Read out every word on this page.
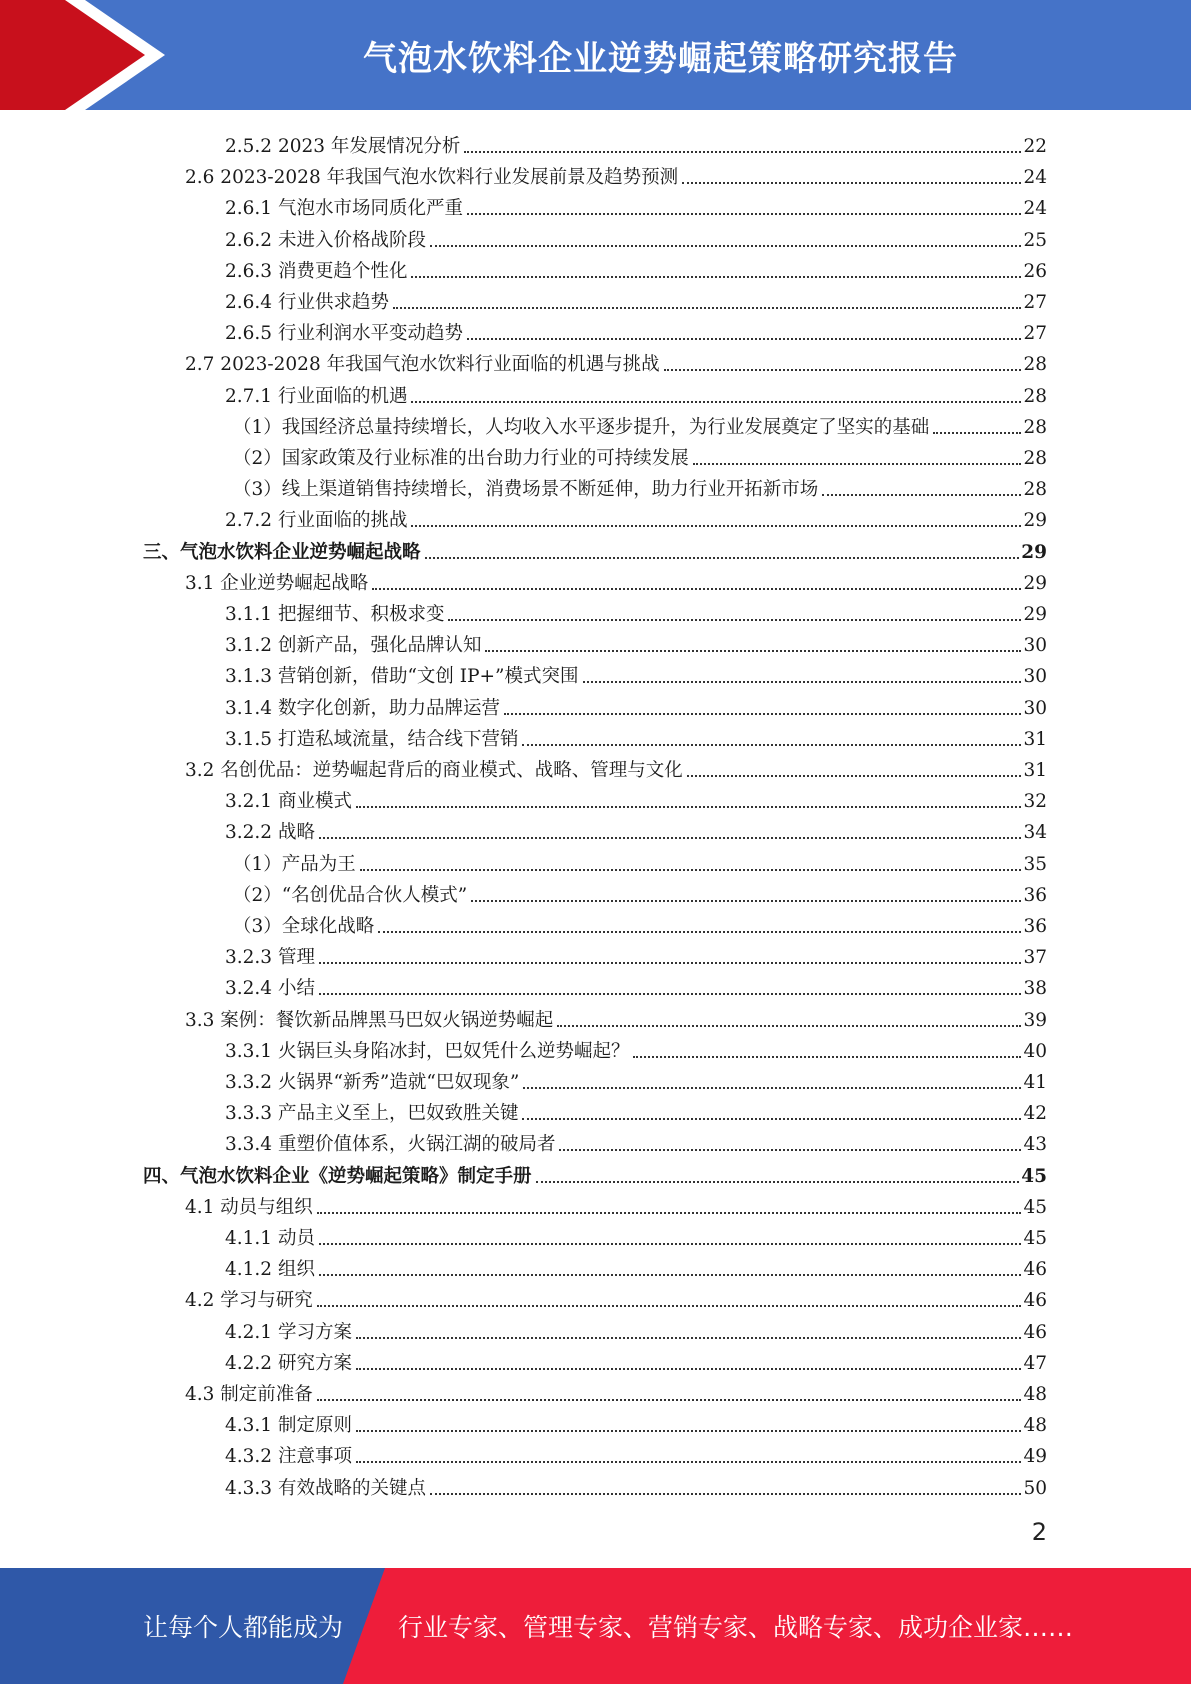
气泡水饮料企业逆势崛起策略研究报告
2.5.2 2023 年发展情况分析	22
2.6 2023-2028 年我国气泡水饮料行业发展前景及趋势预测	24
2.6.1 气泡水市场同质化严重	24
2.6.2 未进入价格战阶段	25
2.6.3 消费更趋个性化	26
2.6.4 行业供求趋势	27
2.6.5 行业利润水平变动趋势	27
2.7 2023-2028 年我国气泡水饮料行业面临的机遇与挑战	28
2.7.1 行业面临的机遇	28
（1）我国经济总量持续增长，人均收入水平逐步提升，为行业发展奠定了坚实的基础	28
（2）国家政策及行业标准的出台助力行业的可持续发展	28
（3）线上渠道销售持续增长，消费场景不断延伸，助力行业开拓新市场	28
2.7.2 行业面临的挑战	29
三、气泡水饮料企业逆势崛起战略	29
3.1 企业逆势崛起战略	29
3.1.1 把握细节、积极求变	29
3.1.2 创新产品，强化品牌认知	30
3.1.3 营销创新，借助“文创 IP+”模式突围	30
3.1.4 数字化创新，助力品牌运营	30
3.1.5 打造私域流量，结合线下营销	31
3.2 名创优品：逆势崛起背后的商业模式、战略、管理与文化	31
3.2.1 商业模式	32
3.2.2 战略	34
（1）产品为王	35
（2）“名创优品合伙人模式”	36
（3）全球化战略	36
3.2.3 管理	37
3.2.4 小结	38
3.3 案例：餐饮新品牌黑马巴奴火锅逆势崛起	39
3.3.1 火锅巨头身陷冰封，巴奴凭什么逆势崛起？	40
3.3.2 火锅界“新秀”造就“巴奴现象”	41
3.3.3 产品主义至上，巴奴致胜关键	42
3.3.4 重塑价值体系，火锅江湖的破局者	43
四、气泡水饮料企业《逆势崛起策略》制定手册	45
4.1 动员与组织	45
4.1.1 动员	45
4.1.2 组织	46
4.2 学习与研究	46
4.2.1 学习方案	46
4.2.2 研究方案	47
4.3 制定前准备	48
4.3.1 制定原则	48
4.3.2 注意事项	49
4.3.3 有效战略的关键点	50
2
让每个人都能成为 行业专家、管理专家、营销专家、战略专家、成功企业家……
